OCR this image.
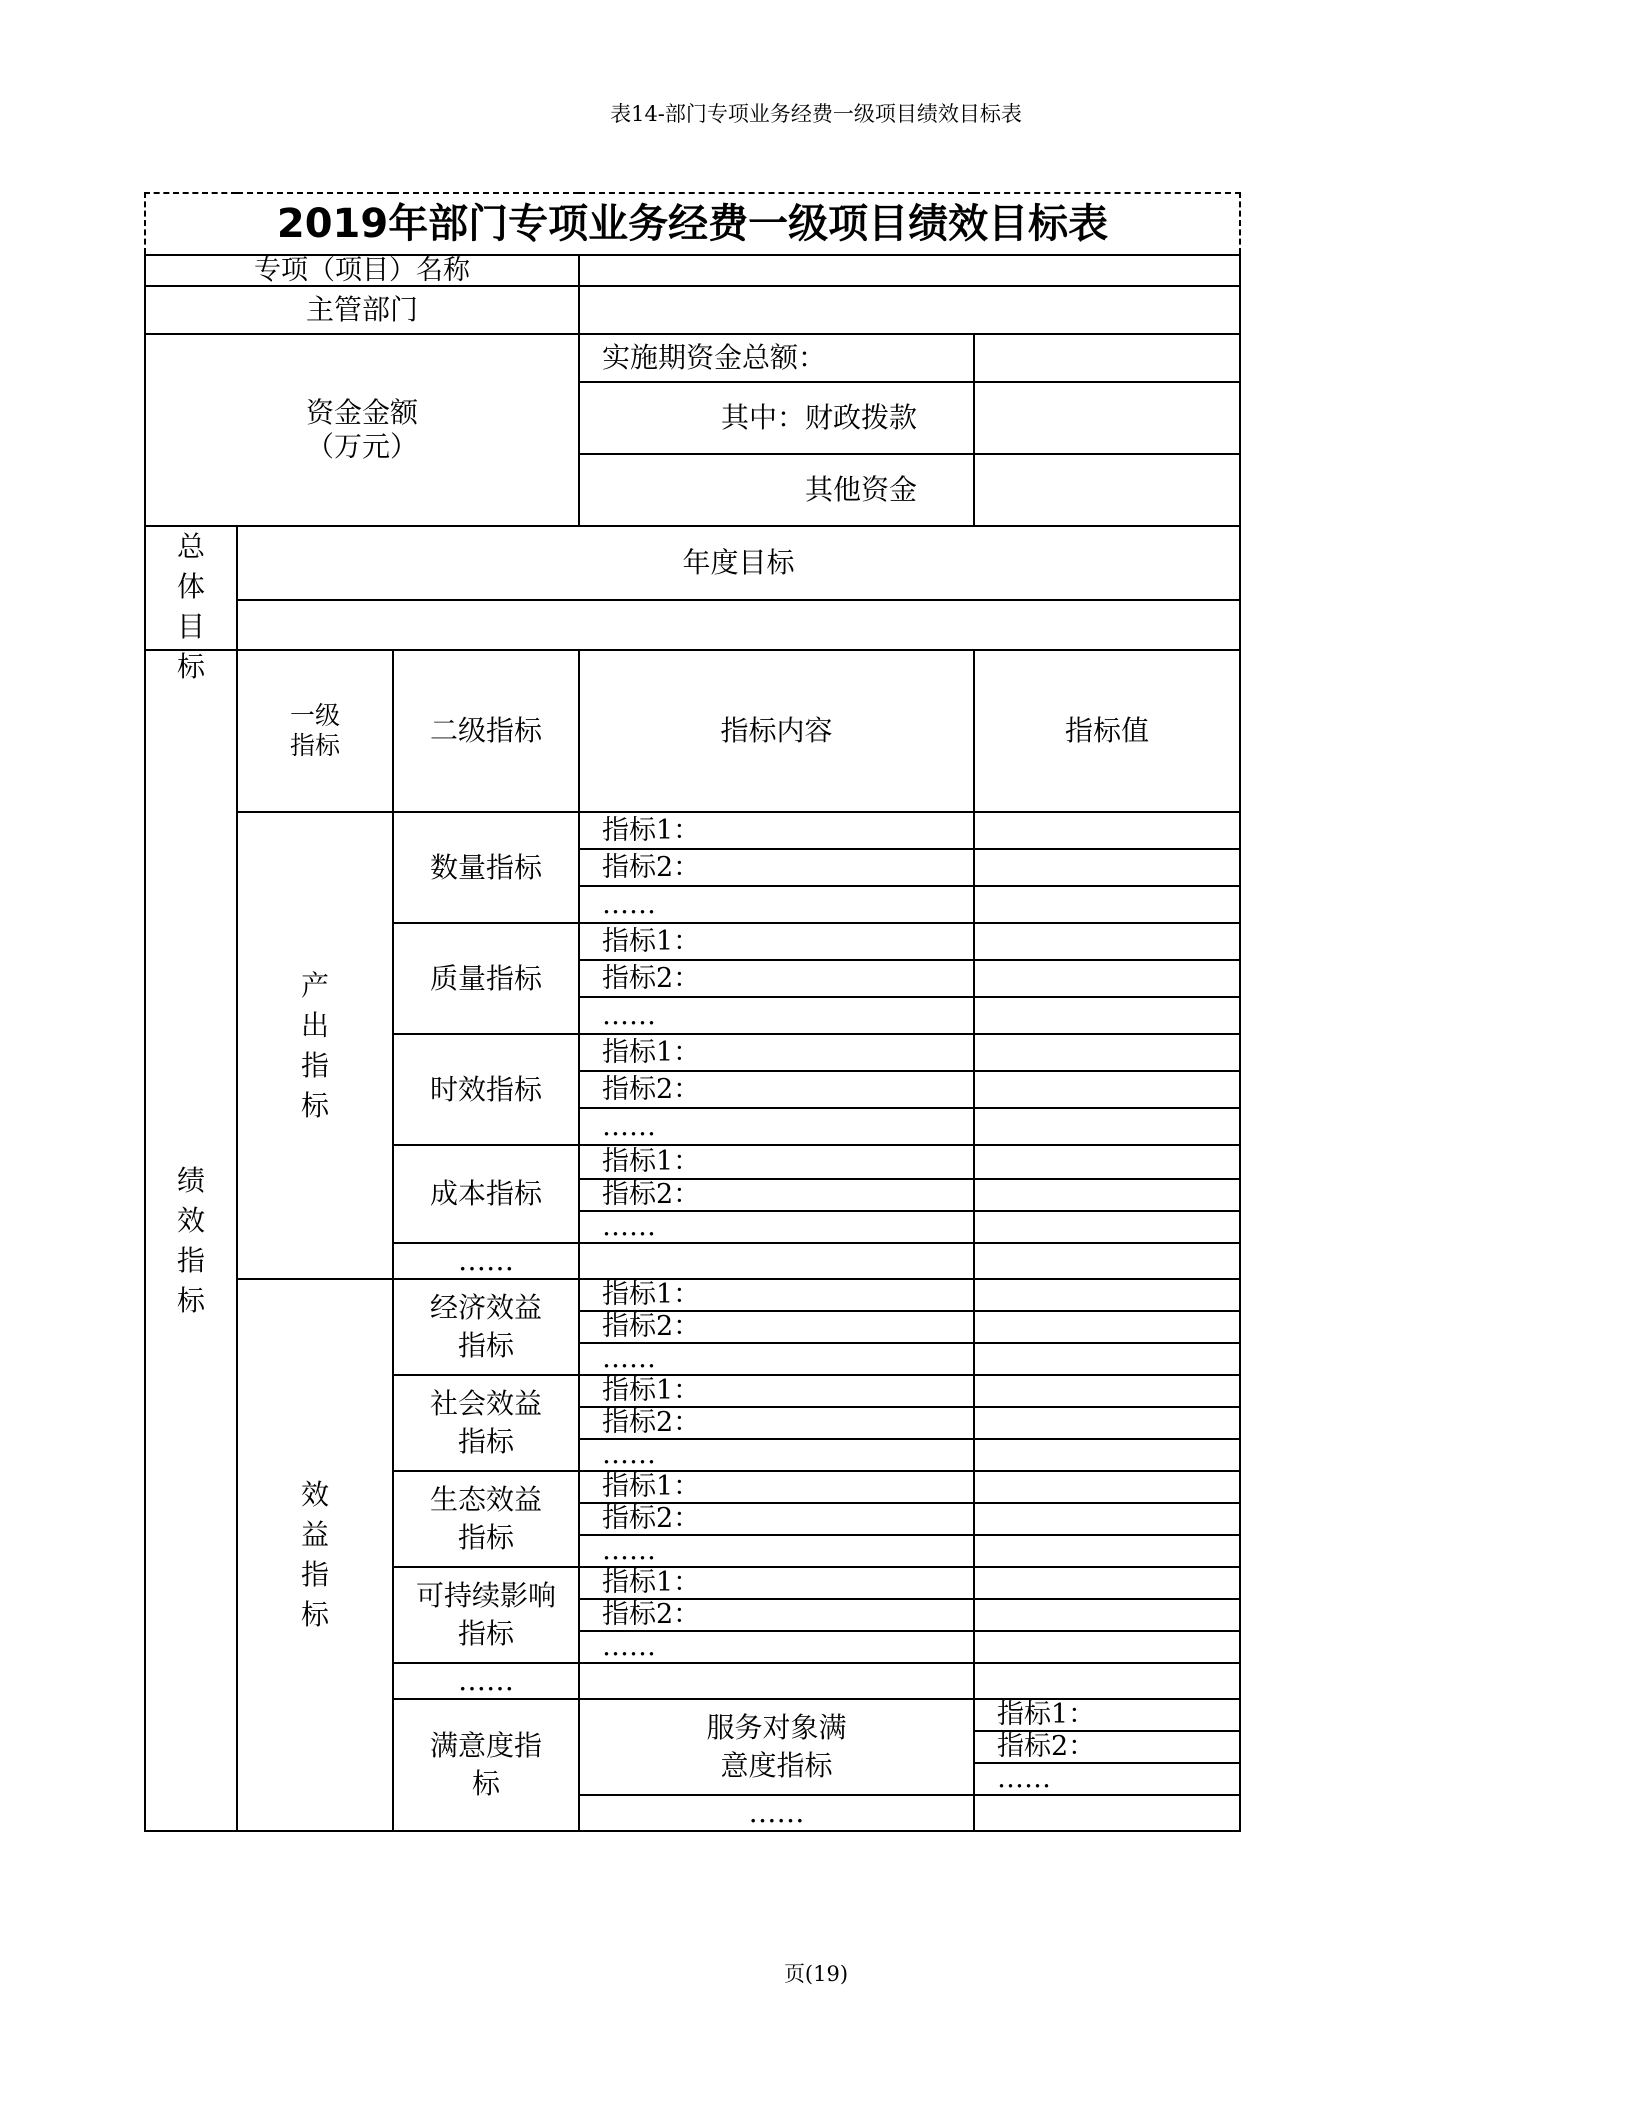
表14-部门专项业务经费一级项目绩效目标表
2019年部门专项业务经费一级项目绩效目标表					
专项（项目）名称					
主管部门					

资金金额
（万元）			实施期资金总额：		
			其中：财政拨款		
			其他资金		

总体目标	年度目标				

绩效指标	一级指标	二级指标	指标内容	指标值	
	产出指标	数量指标	指标1：		
			指标2：		
			……		
		质量指标	指标1：		
			指标2：		
			……		
		时效指标	指标1：		
			指标2：		
			……		
		成本指标	指标1：		
			指标2：		
			……		
		……			
	效益指标	经济效益指标	指标1：		
			指标2：		
			……		
		社会效益指标	指标1：		
			指标2：		
			……		
		生态效益指标	指标1：		
			指标2：		
			……		
		可持续影响指标	指标1：		
			指标2：		
			……		
		……			
		满意度指标	服务对象满意度指标	指标1：	
				指标2：	
				……	
			……		
页(19)
